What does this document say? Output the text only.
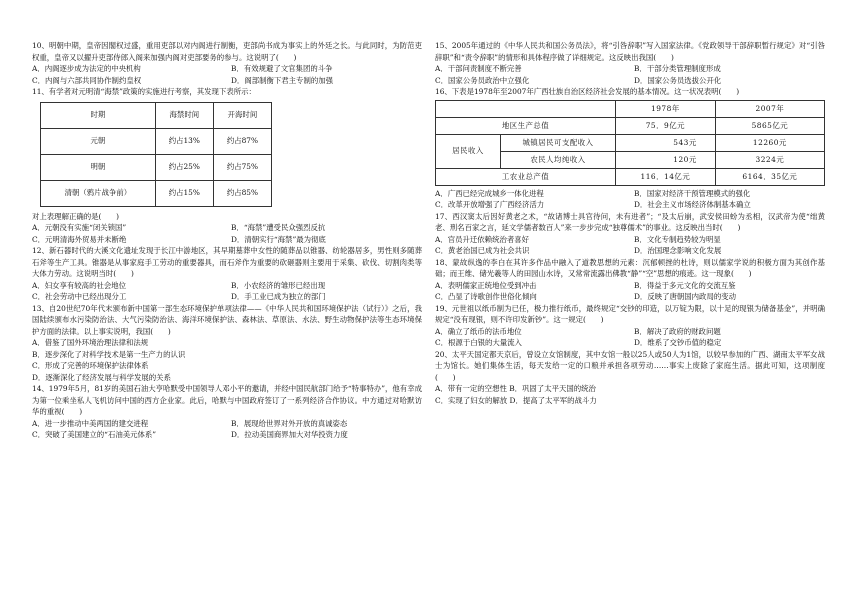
10、明朝中期，皇帝因閣权过盛，重用吏部以对内阁进行制衡，吏部尚书成为事实上的外廷之长。与此同时，为防范吏权重，皇帝又以擢升吏部侍郎入阁来加强内阁对吏部要务的参与。这说明了(　　)

A．内阁逐步成为法定的中央机构	B．有效规避了文官集团的斗争
C．内阁与六部共同协作制约皇权	D．阁部制衡下君主专制的加强

11、有学者对元明清“海禁”政策的实施进行考察，其发现下表所示：

时期	海禁时间	开海时间
元朝	约占13%	约占87%
明朝	约占25%	约占75%
清朝（鸦片战争前）	约占15%	约占85%

对上表理解正确的是(　　)

A．元朝没有实施“闭关锁国”	B．“海禁”遭受民众强烈反抗
C．元明清海外贸易并未断绝	D．清朝实行“海禁”最为彻底

12、新石器时代的大溪文化遗址发现于长江中游地区，其早期墓葬中女性的随葬品以锥器、纺轮器居多，男性则多随葬石斧等生产工具。锥器是从事家庭手工劳动的重要器具，而石斧作为重要的砍砸器则主要用于采集、砍伐、切割肉类等大体力劳动。这说明当时(　　)

A．妇女享有较高的社会地位	B．小农经济的雏形已经出现
C．社会劳动中已经出现分工	D．手工业已成为独立的部门

13、自20世纪70年代末颁布新中国第一部生态环境保护单项法律——《中华人民共和国环境保护法（试行）》之后，我国陆续颁布水污染防治法、大气污染防治法、海洋环境保护法、森林法、草原法、水法、野生动物保护法等生态环境保护方面的法律。以上事实说明，我国(　　)

A．借鉴了国外环境治理法律和法规
B．逐步深化了对科学技术是第一生产力的认识
C．形成了完善的环境保护法律体系
D．逐渐深化了经济发展与科学发展的关系

14、1979年5月，81岁的美国石油大亨哈默受中国领导人邓小平的邀请，并经中国民航部门给予“特事特办”，他有幸成为第一位乘坐私人飞机访问中国的西方企业家。此后，哈默与中国政府签订了一系列经济合作协议。中方通过对哈默访华的重视(　　)

A．进一步推动中美两国的建交进程	B．展现给世界对外开放的真诚姿态
C．突破了美国建立的“石油美元体系”	D．拉动美国商界加大对华投资力度

15、2005年通过的《中华人民共和国公务员法》，将“引咎辞职”写入国家法律。《党政领导干部辞职暂行规定》对“引咎辞职”和“责令辞职”的情形和具体程序做了详细规定。这反映出我国(　　)

A．干部问责制度不断完善	B．干部分类管理制度形成
C．国家公务员政治中立强化	D．国家公务员选拔公开化

16、下表是1978年至2007年广西壮族自治区经济社会发展的基本情况。这一状况表明(　　)

		1978年	2007年
地区生产总值		75．9亿元	5865亿元
居民收入	城镇居民可支配收入	543元	12260元
	农民人均纯收入	120元	3224元
工农业总产值		116．14亿元	6164．35亿元
A．广西已经完成城乡一体化进程	B．国家对经济干预管理模式的强化
C．改革开放增强了广西经济活力	D．社会主义市场经济体制基本确立

17、西汉窦太后因好黄老之术，“故诸博士具官待问，未有进者”；“及太后崩，武安侯田蚡为丞相，汉武帝为使“绌黄老、刑名百家之言，延文学儒者数百人”来一步步完成“独尊儒术”的事业。这反映出当时(　　)

A．官员升迁依赖统治者喜好	B．文化专制趋势较为明显
C．黄老治国已成为社会共识	D．治国理念影响文化发展

18、蒙故纵逸的李白在其许多作品中融入了道教思想的元素：沉郁顿挫的杜诗，则以儒家学说的积极方面为其创作基础；而王维、储光羲等人的田园山水诗，又常常流露出佛教“静”“空”思想的痕迹。这一现象(　　)

A．表明儒家正统地位受到冲击	B．得益于多元文化的交流互鉴
C．凸显了诗歌创作世俗化倾向	D．反映了唐朝国内政局的变动

19、元世祖以纸币制为已任，极力推行纸币，最终规定“交钞的印造，以万锭为限，以十足的现银为储备基金”，并明确规定“没有现银，则不许印发新钞”。这一规定(　　)

A．确立了纸币的法币地位	B．解决了政府的财政问题
C．根源于白银的大量流入	D．维系了交钞币值的稳定

20、太平天国定都天京后，曾设立女馆制度，其中女馆一般以25人或50人为1馆，以较早参加的广西、湖南太平军女战士为馆长。她们集体生活，每天发给一定的口粮并承担各项劳动……事实上废除了家庭生活。据此可知，这项制度(　　)

A．带有一定的空想性 B．巩固了太平天国的统治
C．实现了妇女的解放 D．提高了太平军的战斗力
